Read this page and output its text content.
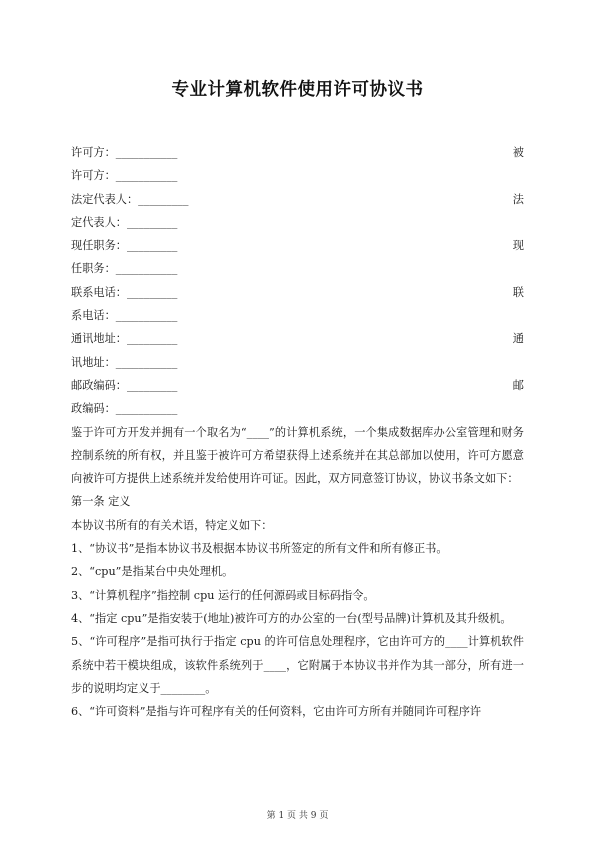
专业计算机软件使用许可协议书
许可方：___________	被
许可方：___________
法定代表人：_________	法
定代表人：_________
现任职务：_________	现
任职务：___________
联系电话：_________	联
系电话：___________
通讯地址：_________	通
讯地址：___________
邮政编码：_________	邮
政编码：___________
鉴于许可方开发并拥有一个取名为“____”的计算机系统，一个集成数据库办公室管理和财务控制系统的所有权，并且鉴于被许可方希望获得上述系统并在其总部加以使用，许可方愿意向被许可方提供上述系统并发给使用许可证。因此，双方同意签订协议，协议书条文如下：
第一条 定义
本协议书所有的有关术语，特定义如下：
1、“协议书”是指本协议书及根据本协议书所签定的所有文件和所有修正书。
2、“cpu”是指某台中央处理机。
3、“计算机程序”指控制 cpu 运行的任何源码或目标码指令。
4、“指定 cpu”是指安装于(地址)被许可方的办公室的一台(型号品牌)计算机及其升级机。
5、“许可程序”是指可执行于指定 cpu 的许可信息处理程序，它由许可方的____计算机软件系统中若干模块组成，该软件系统列于____，它附属于本协议书并作为其一部分，所有进一步的说明均定义于________。
6、“许可资料”是指与许可程序有关的任何资料，它由许可方所有并随同许可程序许
第 1 页 共 9 页
